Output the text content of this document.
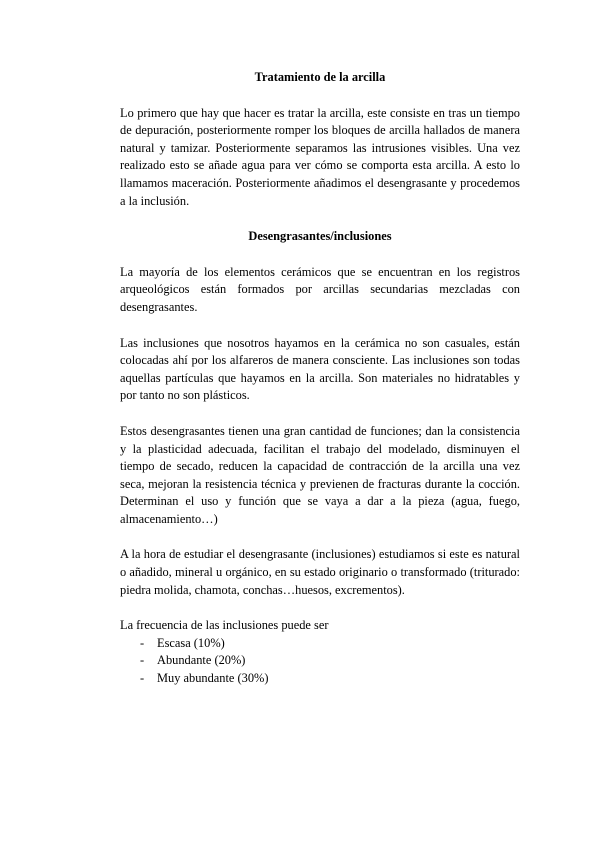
Tratamiento de la arcilla

Lo primero que hay que hacer es tratar la arcilla, este consiste en tras un tiempo de depuración, posteriormente romper los bloques de arcilla hallados de manera natural y tamizar. Posteriormente separamos las intrusiones visibles. Una vez realizado esto se añade agua para ver cómo se comporta esta arcilla. A esto lo llamamos maceración. Posteriormente añadimos el desengrasante y procedemos a la inclusión.

Desengrasantes/inclusiones

La mayoría de los elementos cerámicos que se encuentran en los registros arqueológicos están formados por arcillas secundarias mezcladas con desengrasantes.

Las inclusiones que nosotros hayamos en la cerámica no son casuales, están colocadas ahí por los alfareros de manera consciente. Las inclusiones son todas aquellas partículas que hayamos en la arcilla. Son materiales no hidratables y por tanto no son plásticos.

Estos desengrasantes tienen una gran cantidad de funciones; dan la consistencia y la plasticidad adecuada, facilitan el trabajo del modelado, disminuyen el tiempo de secado, reducen la capacidad de contracción de la arcilla una vez seca, mejoran la resistencia técnica y previenen de fracturas durante la cocción. Determinan el uso y función que se vaya a dar a la pieza (agua, fuego, almacenamiento…)

A la hora de estudiar el desengrasante (inclusiones) estudiamos si este es natural o añadido, mineral u orgánico, en su estado originario o transformado (triturado: piedra molida, chamota, conchas…huesos, excrementos).

La frecuencia de las inclusiones puede ser

- Escasa (10%)
- Abundante (20%)
- Muy abundante (30%)
